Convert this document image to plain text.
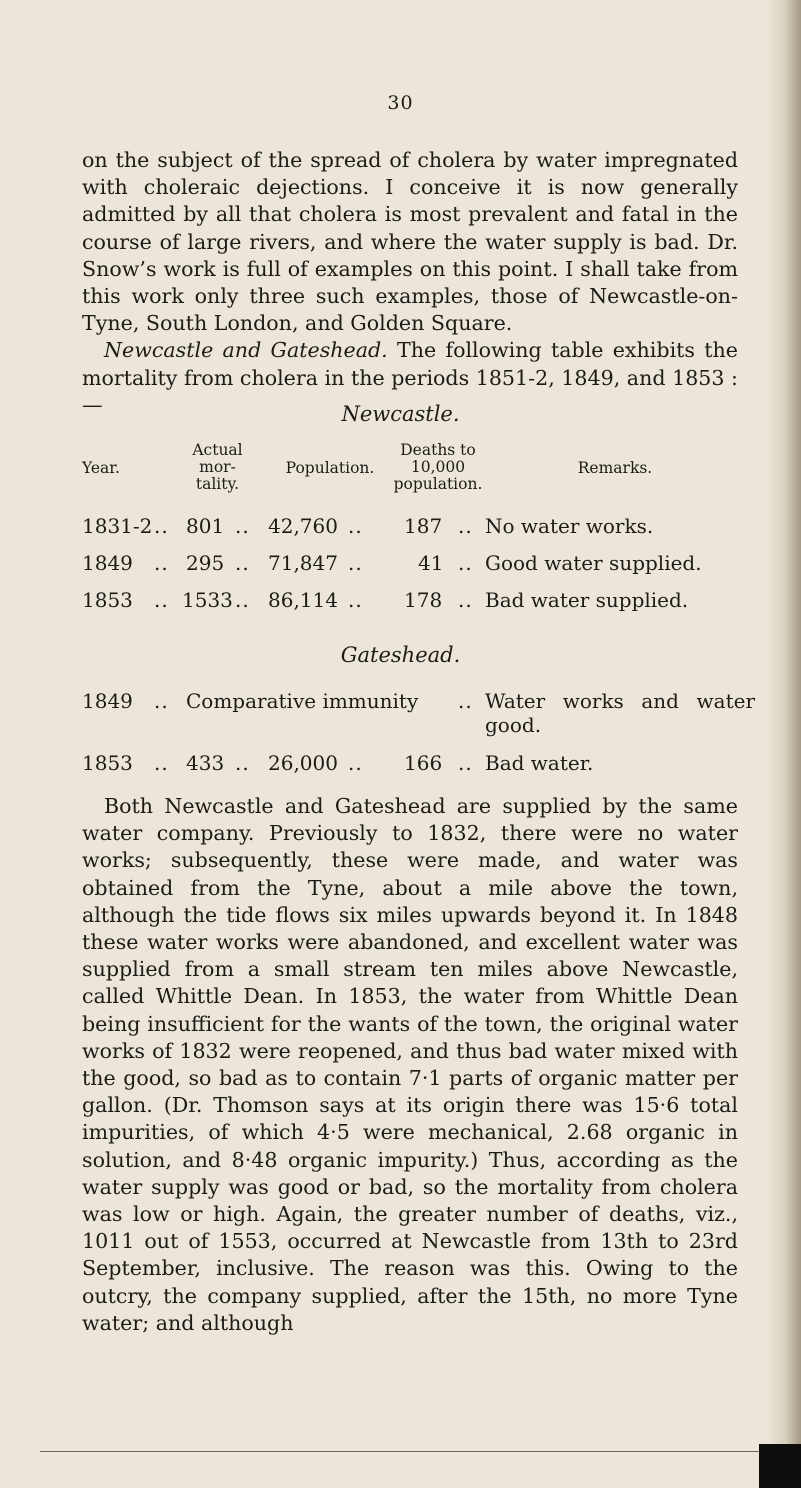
30

on the subject of the spread of cholera by water impregnated with choleraic dejections. I conceive it is now generally admitted by all that cholera is most prevalent and fatal in the course of large rivers, and where the water supply is bad. Dr. Snow’s work is full of examples on this point. I shall take from this work only three such examples, those of Newcastle-on-Tyne, South London, and Golden Square.

Newcastle and Gateshead. The following table exhibits the mortality from cholera in the periods 1851-2, 1849, and 1853 :—	Newcastle.
Year.
Actual mor- tality.
Population.
Deaths to 10,000 population.
Remarks.
1831-2 .. 801 .. 42,760 .. 187 .. No water works.
1849 .. 295 .. 71,847 ..	41 .. Good water supplied.
1853 .. 1533 .. 86,114 .. 178 .. Bad water supplied.
Gateshead.
1849 .. Comparative immunity .. Water works and water good.
1853 .. 433 .. 26,000 .. 166 .. Bad water.

Both Newcastle and Gateshead are supplied by the same water company. Previously to 1832, there were no water works; subsequently, these were made, and water was obtained from the Tyne, about a mile above the town, although the tide flows six miles upwards beyond it. In 1848 these water works were abandoned, and excellent water was supplied from a small stream ten miles above Newcastle, called Whittle Dean. In 1853, the water from Whittle Dean being insufficient for the wants of the town, the original water works of 1832 were reopened, and thus bad water mixed with the good, so bad as to contain 7·1 parts of organic matter per gallon. (Dr. Thomson says at its origin there was 15·6 total impurities, of which 4·5 were mechanical, 2.68 organic in solution, and 8·48 organic impurity.) Thus, according as the water supply was good or bad, so the mortality from cholera was low or high. Again, the greater number of deaths, viz., 1011 out of 1553, occurred at Newcastle from 13th to 23rd September, inclusive. The reason was this. Owing to the outcry, the company supplied, after the 15th, no more Tyne water; and although
